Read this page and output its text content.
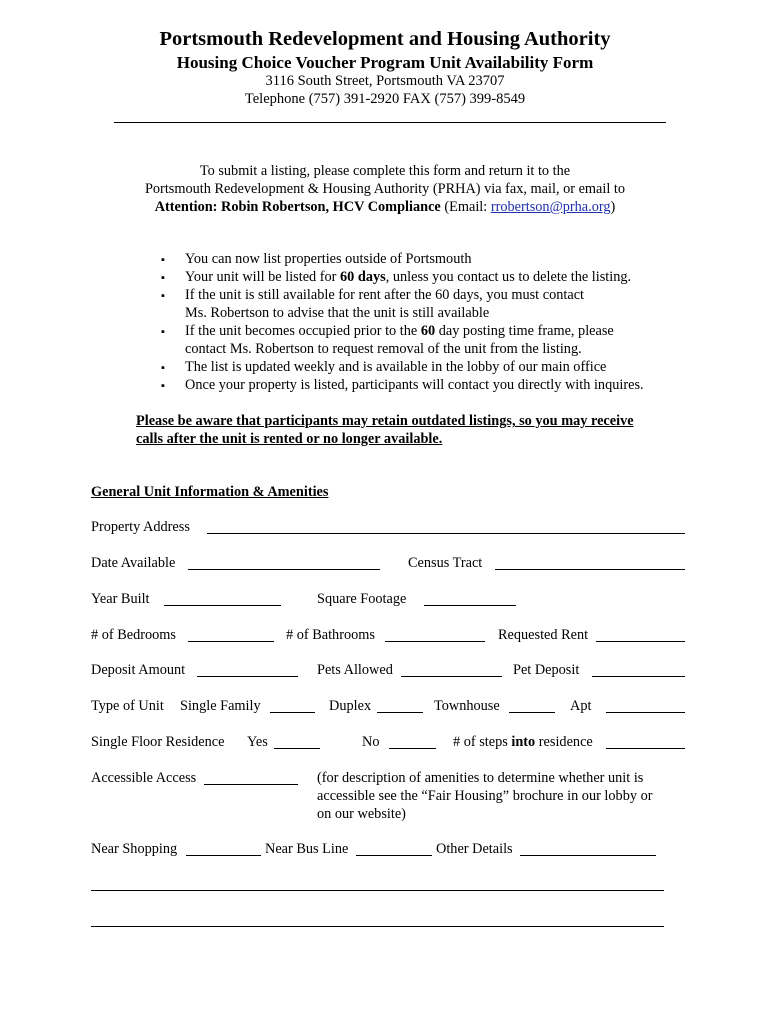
Portsmouth Redevelopment and Housing Authority
Housing Choice Voucher Program Unit Availability Form
3116 South Street, Portsmouth VA 23707
Telephone (757) 391-2920 FAX (757) 399-8549
To submit a listing, please complete this form and return it to the
Portsmouth Redevelopment & Housing Authority (PRHA) via fax, mail, or email to
Attention: Robin Robertson, HCV Compliance (Email: rrobertson@prha.org)
▪ You can now list properties outside of Portsmouth
▪ Your unit will be listed for 60 days, unless you contact us to delete the listing.
▪ If the unit is still available for rent after the 60 days, you must contact
Ms. Robertson to advise that the unit is still available
▪ If the unit becomes occupied prior to the 60 day posting time frame, please
contact Ms. Robertson to request removal of the unit from the listing.
▪ The list is updated weekly and is available in the lobby of our main office
▪ Once your property is listed, participants will contact you directly with inquires.
Please be aware that participants may retain outdated listings, so you may receive
calls after the unit is rented or no longer available.
General Unit Information & Amenities
Property Address
Date Available	Census Tract
Year Built	Square Footage
# of Bedrooms	# of Bathrooms	Requested Rent
Deposit Amount	Pets Allowed	Pet Deposit
Type of Unit Single Family	Duplex	Townhouse	Apt
Single Floor Residence Yes	No	# of steps into residence
Accessible Access	(for description of amenities to determine whether unit is
accessible see the “Fair Housing” brochure in our lobby or
on our website)
Near Shopping	Near Bus Line	Other Details
